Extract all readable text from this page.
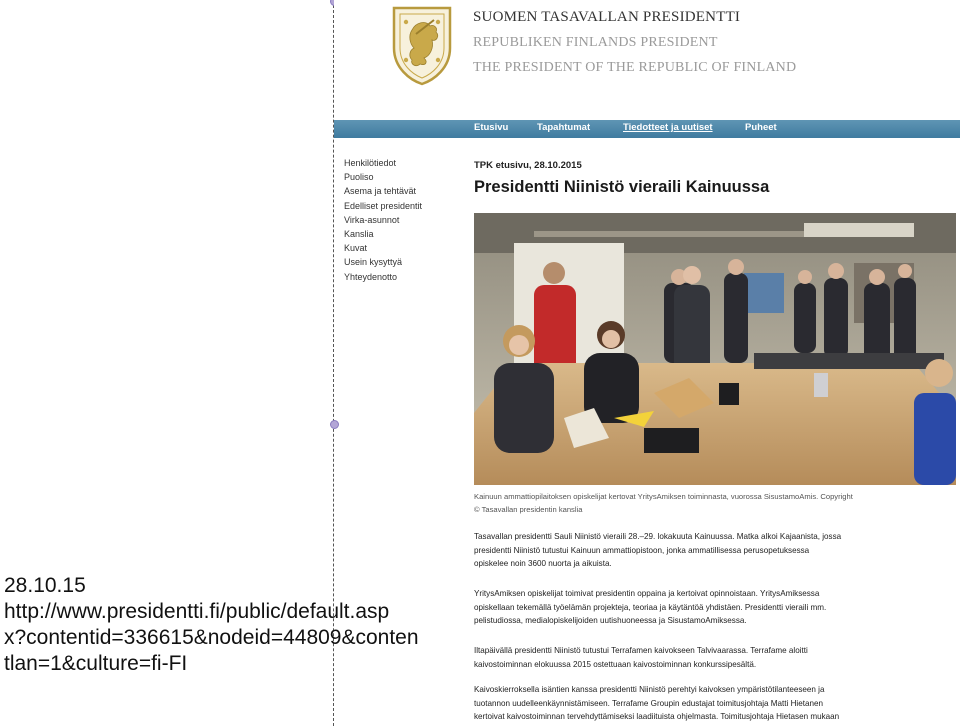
28.10.15
http://www.presidentti.fi/public/default.asp
x?contentid=336615&nodeid=44809&conten
tlan=1&culture=fi-FI
SUOMEN TASAVALLAN PRESIDENTTI
REPUBLIKEN FINLANDS PRESIDENT
THE PRESIDENT OF THE REPUBLIC OF FINLAND
Etusivu	Tapahtumat	Tiedotteet ja uutiset	Puheet
Henkilötiedot
Puoliso
Asema ja tehtävät
Edelliset presidentit
Virka-asunnot
Kanslia
Kuvat
Usein kysyttyä
Yhteydenotto
TPK etusivu, 28.10.2015
Presidentti Niinistö vieraili Kainuussa
Kainuun ammattiopilaitoksen opiskelijat kertovat YritysAmiksen toiminnasta, vuorossa SisustamoAmis. Copyright
© Tasavallan presidentin kanslia
Tasavallan presidentti Sauli Niinistö vieraili 28.–29. lokakuuta Kainuussa. Matka alkoi Kajaanista, jossa
presidentti Niinistö tutustui Kainuun ammattiopistoon, jonka ammatillisessa perusopetuksessa
opiskelee noin 3600 nuorta ja aikuista.
YritysAmiksen opiskelijat toimivat presidentin oppaina ja kertoivat opinnoistaan. YritysAmiksessa
opiskellaan tekemällä työelämän projekteja, teoriaa ja käytäntöä yhdistäen. Presidentti vieraili mm.
pelistudiossa, medialopiskelijoiden uutishuoneessa ja SisustamoAmiksessa.
Iltapäivällä presidentti Niinistö tutustui Terrafamen kaivokseen Talvivaarassa. Terrafame aloitti
kaivostoiminnan elokuussa 2015 ostettuaan kaivostoiminnan konkurssipesältä.
Kaivoskierroksella isäntien kanssa presidentti Niinistö perehtyi kaivoksen ympäristötilanteeseen ja
tuotannon uudelleenkäynnistämiseen. Terrafame Groupin edustajat toimitusjohtaja Matti Hietanen
kertoivat kaivostoiminnan tervehdyttämiseksi laadiituista ohjelmasta. Toimitusjohtaja Hietasen mukaan
